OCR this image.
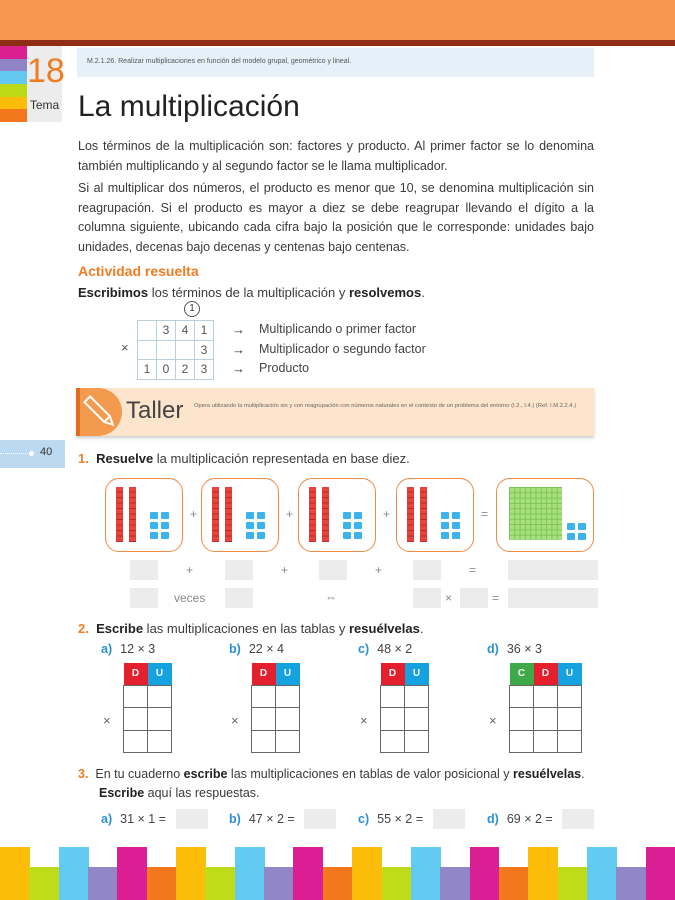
18
Tema
M.2.1.26. Realizar multiplicaciones en función del modelo grupal, geométrico y lineal.
La multiplicación

Los términos de la multiplicación son: factores y producto. Al primer factor se lo denomina también multiplicando y al segundo factor se le llama multiplicador.

Si al multiplicar dos números, el producto es menor que 10, se denomina multiplicación sin reagrupación. Si el producto es mayor a diez se debe reagrupar llevando el dígito a la columna siguiente, ubicando cada cifra bajo la posición que le corresponde: unidades bajo unidades, decenas bajo decenas y centenas bajo centenas.

Actividad resuelta
Escribimos los términos de la multiplicación y resolvemos.
1
	3	4	1
			3
1	0	2	3
×
→ Multiplicando o primer factor
→ Multiplicador o segundo factor
→ Producto
Taller Opera utilizando la multiplicación sin y con reagrupación con números naturales en el contexto de un problema del entorno (I.2., I.4.) (Ref. I.M.2.2.4.)
40 1. Resuelve la multiplicación representada en base diez.
+	+	+	=
+	+	+	=
veces	⇔	×	=
2. Escribe las multiplicaciones en las tablas y resuélvelas.
a) 12 × 3
D	U

×
b) 22 × 4
D	U

×
c) 48 × 2
D	U

×
d) 36 × 3
C	D	U

×
3. En tu cuaderno escribe las multiplicaciones en tablas de valor posicional y resuélvelas.
Escribe aquí las respuestas.
a) 31 × 1 =	b) 47 × 2 =	c) 55 × 2 =	d) 69 × 2 =
